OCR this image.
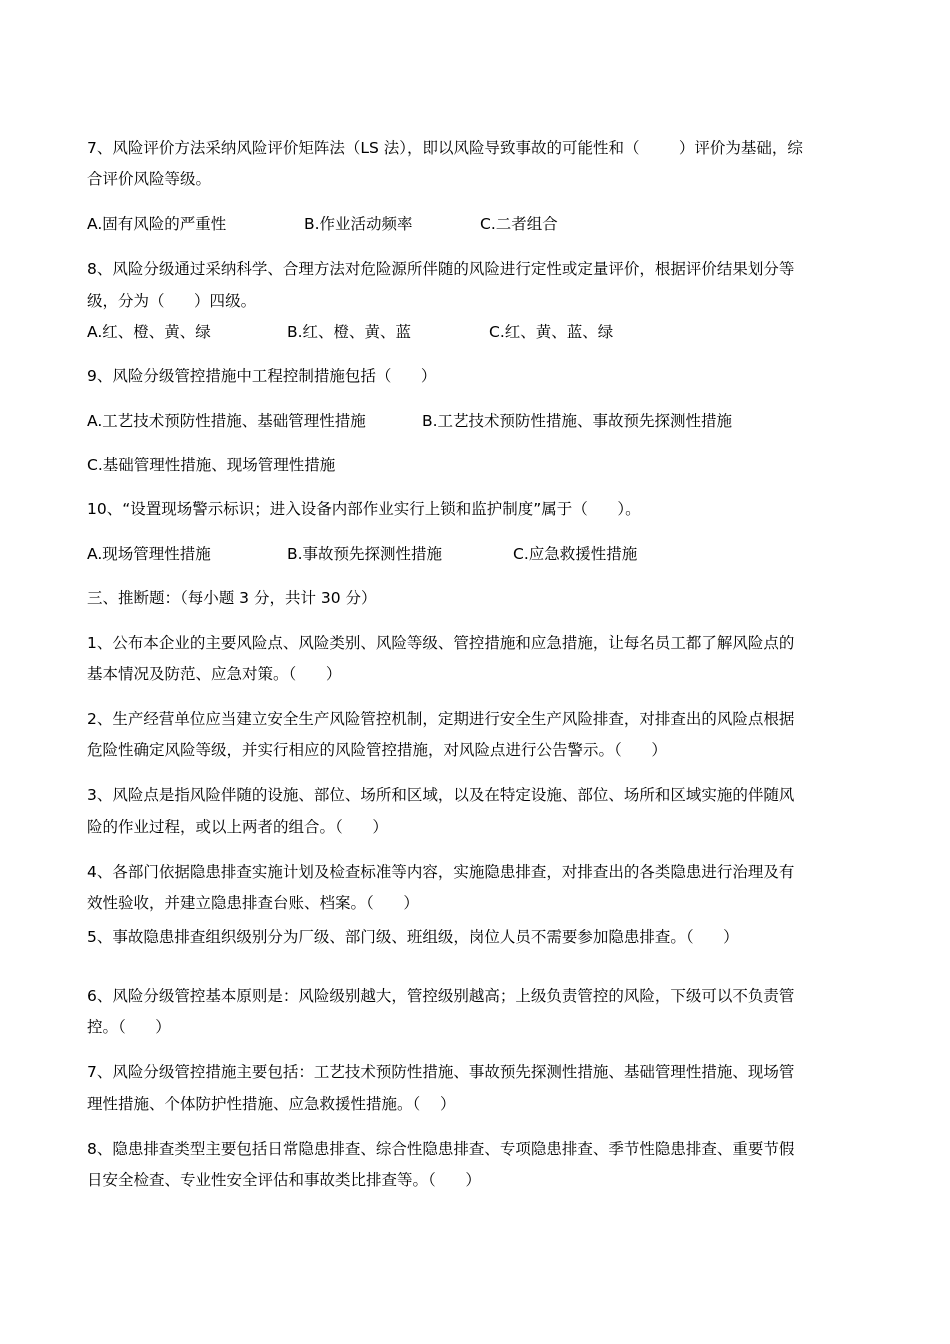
7、风险评价方法采纳风险评价矩阵法（LS 法），即以风险导致事故的可能性和（        ）评价为基础，综
合评价风险等级。
A.固有风险的严重性	B.作业活动频率	C.二者组合
8、风险分级通过采纳科学、合理方法对危险源所伴随的风险进行定性或定量评价，根据评价结果划分等
级，分为（      ）四级。
A.红、橙、黄、绿	B.红、橙、黄、蓝	C.红、黄、蓝、绿
9、风险分级管控措施中工程控制措施包括（      ）
A.工艺技术预防性措施、基础管理性措施	B.工艺技术预防性措施、事故预先探测性措施
C.基础管理性措施、现场管理性措施
10、“设置现场警示标识；进入设备内部作业实行上锁和监护制度”属于（      ）。
A.现场管理性措施	B.事故预先探测性措施	C.应急救援性措施
三、推断题：（每小题 3 分，共计 30 分）
1、公布本企业的主要风险点、风险类别、风险等级、管控措施和应急措施，让每名员工都了解风险点的
基本情况及防范、应急对策。（      ）
2、生产经营单位应当建立安全生产风险管控机制，定期进行安全生产风险排查，对排查出的风险点根据
危险性确定风险等级，并实行相应的风险管控措施，对风险点进行公告警示。（      ）
3、风险点是指风险伴随的设施、部位、场所和区域，以及在特定设施、部位、场所和区域实施的伴随风
险的作业过程，或以上两者的组合。（      ）
4、各部门依据隐患排查实施计划及检查标准等内容，实施隐患排查，对排查出的各类隐患进行治理及有
效性验收，并建立隐患排查台账、档案。（      ）
5、事故隐患排查组织级别分为厂级、部门级、班组级，岗位人员不需要参加隐患排查。（      ）
6、风险分级管控基本原则是：风险级别越大，管控级别越高；上级负责管控的风险，下级可以不负责管
控。（      ）
7、风险分级管控措施主要包括：工艺技术预防性措施、事故预先探测性措施、基础管理性措施、现场管
理性措施、个体防护性措施、应急救援性措施。（    ）
8、隐患排查类型主要包括日常隐患排查、综合性隐患排查、专项隐患排查、季节性隐患排查、重要节假
日安全检查、专业性安全评估和事故类比排查等。（      ）
